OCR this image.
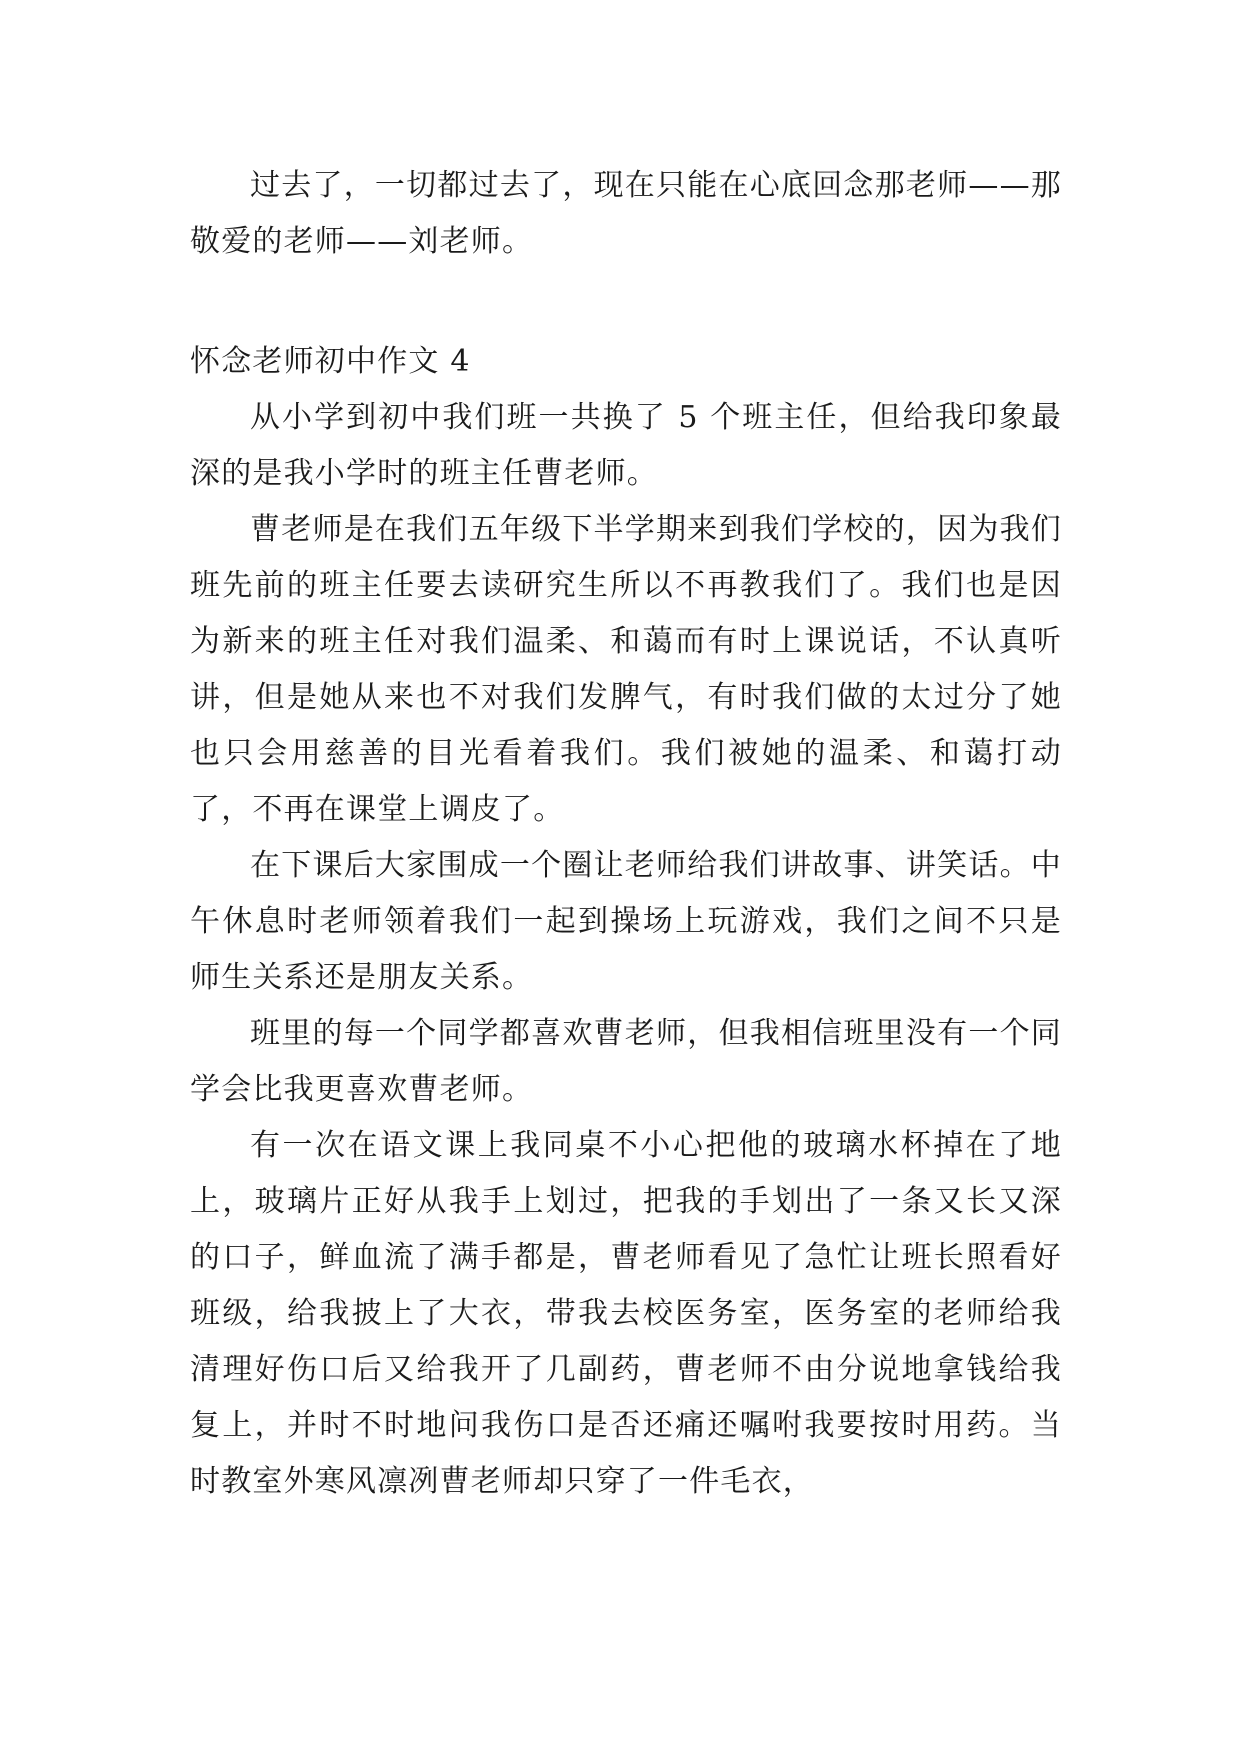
过去了，一切都过去了，现在只能在心底回念那老师——那敬爱的老师——刘老师。

怀念老师初中作文 4

从小学到初中我们班一共换了 5 个班主任，但给我印象最深的是我小学时的班主任曹老师。

曹老师是在我们五年级下半学期来到我们学校的，因为我们班先前的班主任要去读研究生所以不再教我们了。我们也是因为新来的班主任对我们温柔、和蔼而有时上课说话，不认真听讲，但是她从来也不对我们发脾气，有时我们做的太过分了她也只会用慈善的目光看着我们。我们被她的温柔、和蔼打动了，不再在课堂上调皮了。

在下课后大家围成一个圈让老师给我们讲故事、讲笑话。中午休息时老师领着我们一起到操场上玩游戏，我们之间不只是师生关系还是朋友关系。

班里的每一个同学都喜欢曹老师，但我相信班里没有一个同学会比我更喜欢曹老师。

有一次在语文课上我同桌不小心把他的玻璃水杯掉在了地上，玻璃片正好从我手上划过，把我的手划出了一条又长又深的口子，鲜血流了满手都是，曹老师看见了急忙让班长照看好班级，给我披上了大衣，带我去校医务室，医务室的老师给我清理好伤口后又给我开了几副药，曹老师不由分说地拿钱给我复上，并时不时地问我伤口是否还痛还嘱咐我要按时用药。当时教室外寒风凛冽曹老师却只穿了一件毛衣，
